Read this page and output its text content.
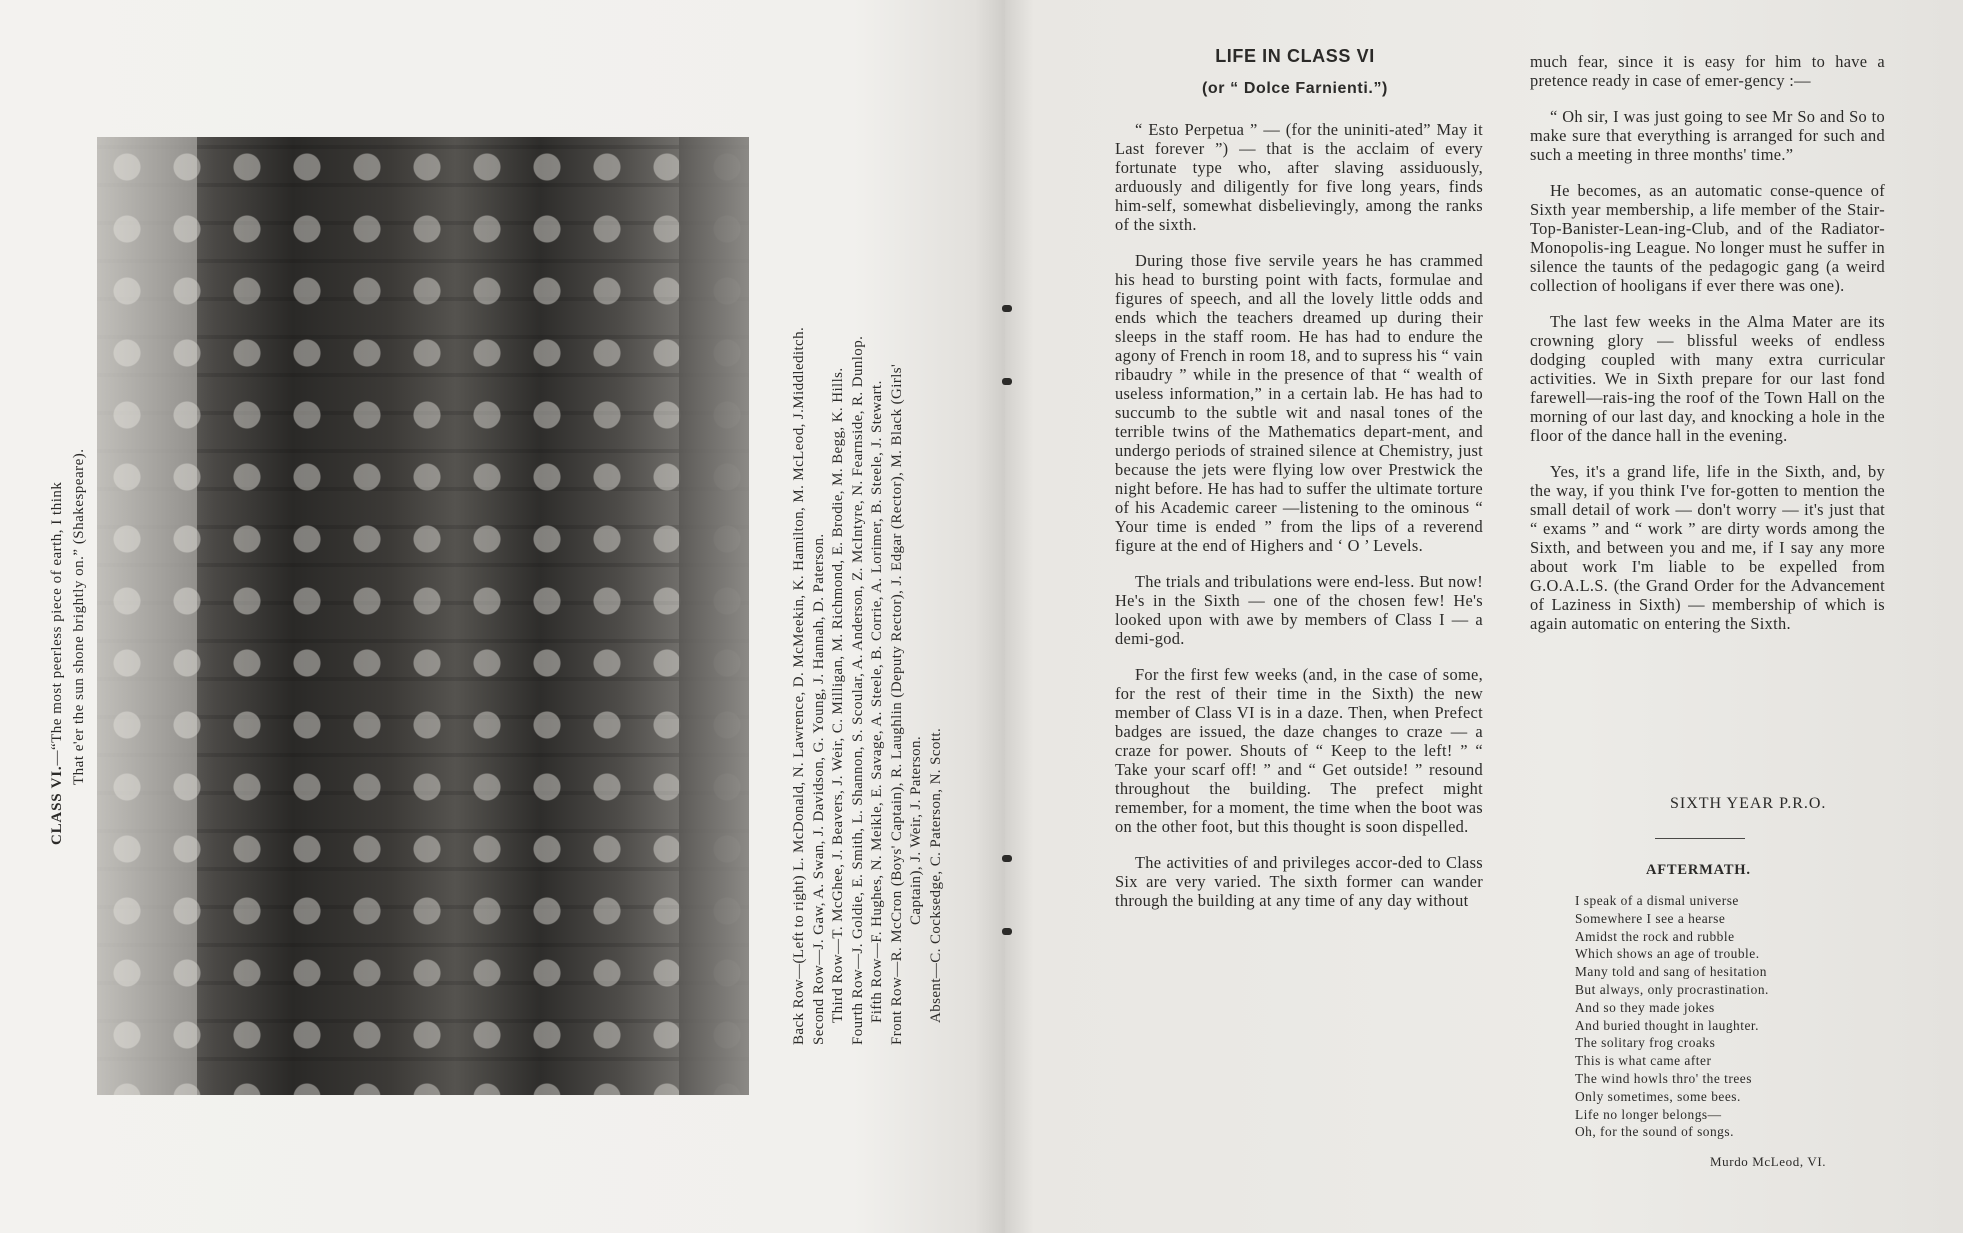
CLASS VI.—“The most peerless piece of earth, I think That e'er the sun shone brightly on.” (Shakespeare).	Back Row—(Left to right) L. McDonald, N. Lawrence, D. McMeekin, K. Hamilton, M. McLeod, J.Middleditch. Second Row—J. Gaw, A. Swan, J. Davidson, G. Young, J. Hannah, D. Paterson. Third Row—T. McGhee, J. Beavers, J. Weir, C. Milligan, M. Richmond, E. Brodie, M. Begg, K. Hills. Fourth Row—J. Goldie, E. Smith, L. Shannon, S. Scoular, A. Anderson, Z. McIntyre, N. Fearnside, R. Dunlop. Fifth Row—F. Hughes, N. Meikle, E. Savage, A. Steele, B. Corrie, A. Lorimer, B. Steele, J. Stewart. Front Row—R. McCron (Boys' Captain), R. Laughlin (Deputy Rector), J. Edgar (Rector), M. Black (Girls' Captain), J. Weir, J. Paterson. Absent—C. Cocksedge, C. Paterson, N. Scott.
LIFE IN CLASS VI
(or “ Dolce Farnienti.”)

“ Esto Perpetua ” — (for the uniniti-ated” May it Last forever ”) — that is the acclaim of every fortunate type who, after slaving assiduously, arduously and diligently for five long years, finds him-self, somewhat disbelievingly, among the ranks of the sixth.

During those five servile years he has crammed his head to bursting point with facts, formulae and figures of speech, and all the lovely little odds and ends which the teachers dreamed up during their sleeps in the staff room. He has had to endure the agony of French in room 18, and to supress his “ vain ribaudry ” while in the presence of that “ wealth of useless information,” in a certain lab. He has had to succumb to the subtle wit and nasal tones of the terrible twins of the Mathematics depart-ment, and undergo periods of strained silence at Chemistry, just because the jets were flying low over Prestwick the night before. He has had to suffer the ultimate torture of his Academic career —listening to the ominous “ Your time is ended ” from the lips of a reverend figure at the end of Highers and ‘ O ’ Levels.

The trials and tribulations were end-less. But now! He's in the Sixth — one of the chosen few! He's looked upon with awe by members of Class I — a demi-god.

For the first few weeks (and, in the case of some, for the rest of their time in the Sixth) the new member of Class VI is in a daze. Then, when Prefect badges are issued, the daze changes to craze — a craze for power. Shouts of “ Keep to the left! ” “ Take your scarf off! ” and “ Get outside! ” resound throughout the building. The prefect might remember, for a moment, the time when the boot was on the other foot, but this thought is soon dispelled.

The activities of and privileges accor-ded to Class Six are very varied. The sixth former can wander through the building at any time of any day without

much fear, since it is easy for him to have a pretence ready in case of emer-gency :—

“ Oh sir, I was just going to see Mr So and So to make sure that everything is arranged for such and such a meeting in three months' time.”

He becomes, as an automatic conse-quence of Sixth year membership, a life member of the Stair-Top-Banister-Lean-ing-Club, and of the Radiator-Monopolis-ing League. No longer must he suffer in silence the taunts of the pedagogic gang (a weird collection of hooligans if ever there was one).

The last few weeks in the Alma Mater are its crowning glory — blissful weeks of endless dodging coupled with many extra curricular activities. We in Sixth prepare for our last fond farewell—rais-ing the roof of the Town Hall on the morning of our last day, and knocking a hole in the floor of the dance hall in the evening.

Yes, it's a grand life, life in the Sixth, and, by the way, if you think I've for-gotten to mention the small detail of work — don't worry — it's just that “ exams ” and “ work ” are dirty words among the Sixth, and between you and me, if I say any more about work I'm liable to be expelled from G.O.A.L.S. (the Grand Order for the Advancement of Laziness in Sixth) — membership of which is again automatic on entering the Sixth.

SIXTH YEAR P.R.O.
AFTERMATH.
I speak of a dismal universe
Somewhere I see a hearse
Amidst the rock and rubble
Which shows an age of trouble.
Many told and sang of hesitation
But always, only procrastination.
And so they made jokes
And buried thought in laughter.
The solitary frog croaks
This is what came after
The wind howls thro' the trees
Only sometimes, some bees.
Life no longer belongs—
Oh, for the sound of songs.
Murdo McLeod, VI.
